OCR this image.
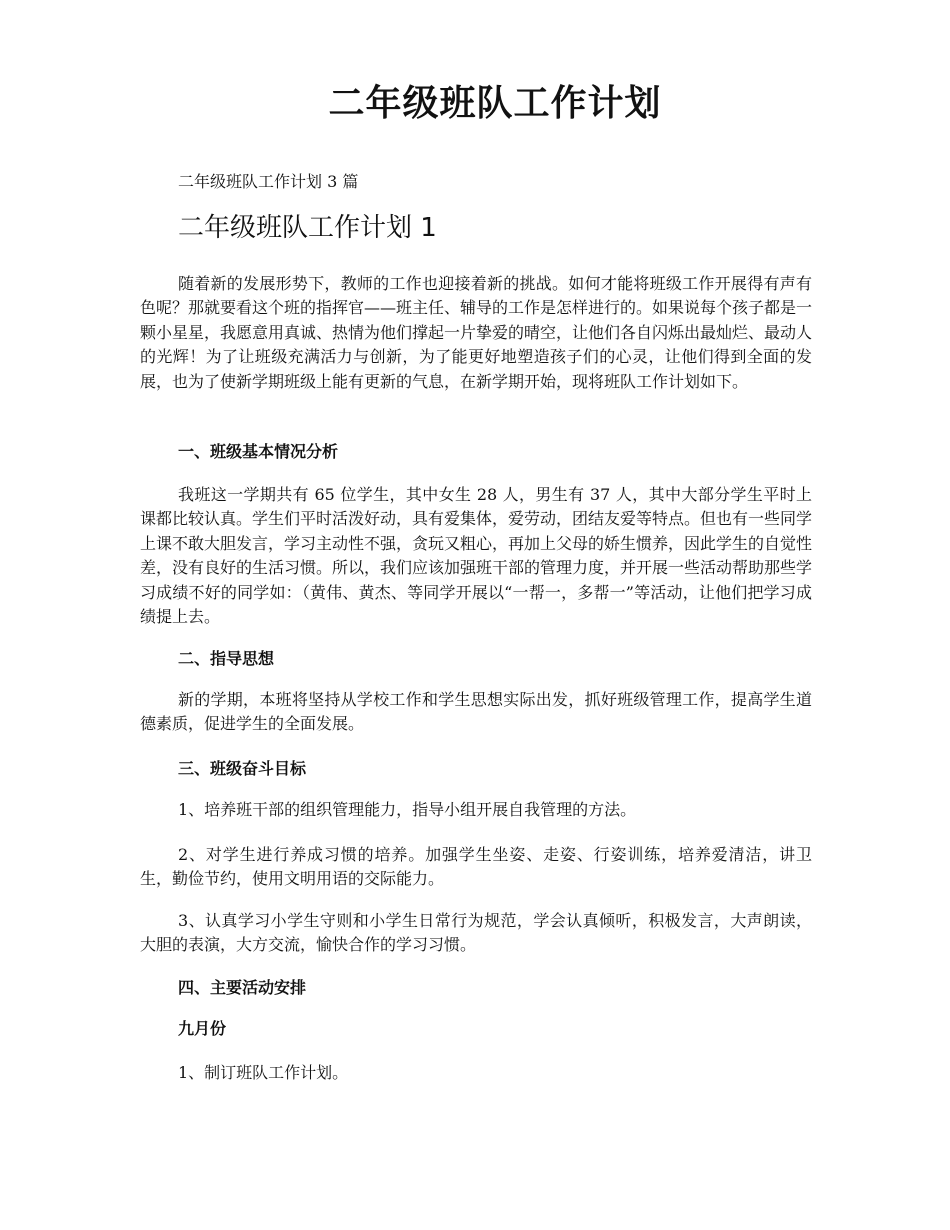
二年级班队工作计划

二年级班队工作计划 3 篇

二年级班队工作计划 1

随着新的发展形势下，教师的工作也迎接着新的挑战。如何才能将班级工作开展得有声有色呢？那就要看这个班的指挥官——班主任、辅导的工作是怎样进行的。如果说每个孩子都是一颗小星星，我愿意用真诚、热情为他们撑起一片挚爱的晴空，让他们各自闪烁出最灿烂、最动人的光辉！为了让班级充满活力与创新，为了能更好地塑造孩子们的心灵，让他们得到全面的发展，也为了使新学期班级上能有更新的气息，在新学期开始，现将班队工作计划如下。

一、班级基本情况分析

我班这一学期共有 65 位学生，其中女生 28 人，男生有 37 人，其中大部分学生平时上课都比较认真。学生们平时活泼好动，具有爱集体，爱劳动，团结友爱等特点。但也有一些同学上课不敢大胆发言，学习主动性不强，贪玩又粗心，再加上父母的娇生惯养，因此学生的自觉性差，没有良好的生活习惯。所以，我们应该加强班干部的管理力度，并开展一些活动帮助那些学习成绩不好的同学如：（黄伟、黄杰、等同学开展以“一帮一，多帮一”等活动，让他们把学习成绩提上去。

二、指导思想

新的学期，本班将坚持从学校工作和学生思想实际出发，抓好班级管理工作，提高学生道德素质，促进学生的全面发展。

三、班级奋斗目标

1、培养班干部的组织管理能力，指导小组开展自我管理的方法。

2、对学生进行养成习惯的培养。加强学生坐姿、走姿、行姿训练，培养爱清洁，讲卫生，勤俭节约，使用文明用语的交际能力。

3、认真学习小学生守则和小学生日常行为规范，学会认真倾听，积极发言，大声朗读，大胆的表演，大方交流，愉快合作的学习习惯。

四、主要活动安排

九月份

1、制订班队工作计划。
